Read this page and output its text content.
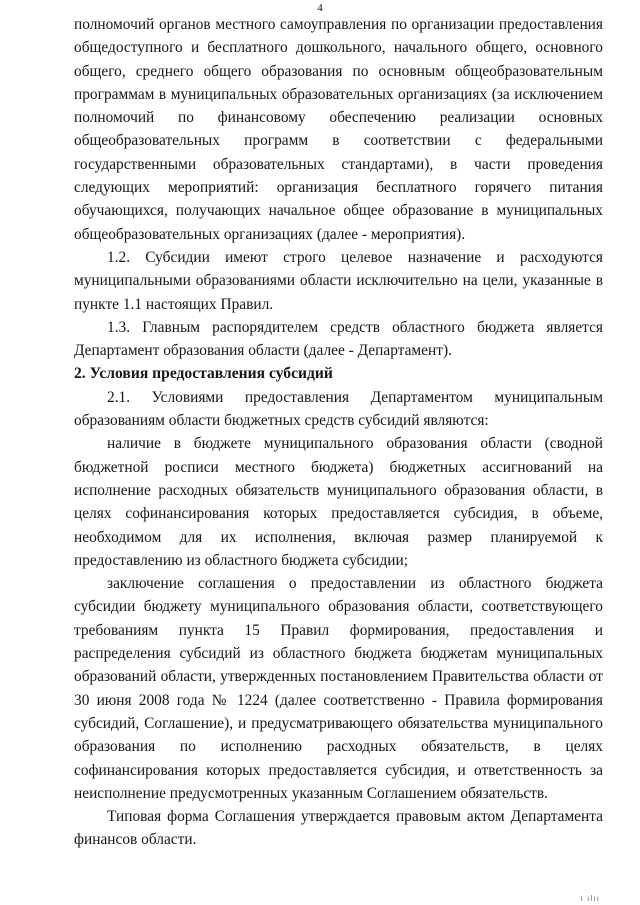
4

полномочий органов местного самоуправления по организации предоставления общедоступного и бесплатного дошкольного, начального общего, основного общего, среднего общего образования по основным общеобразовательным программам в муниципальных образовательных организациях (за исключением полномочий по финансовому обеспечению реализации основных общеобразовательных программ в соответствии с федеральными государственными образовательных стандартами), в части проведения следующих мероприятий: организация бесплатного горячего питания обучающихся, получающих начальное общее образование в муниципальных общеобразовательных организациях (далее - мероприятия).

1.2. Субсидии имеют строго целевое назначение и расходуются муниципальными образованиями области исключительно на цели, указанные в пункте 1.1 настоящих Правил.

1.3. Главным распорядителем средств областного бюджета является Департамент образования области (далее - Департамент).

2. Условия предоставления субсидий

2.1. Условиями предоставления Департаментом муниципальным образованиям области бюджетных средств субсидий являются:

наличие в бюджете муниципального образования области (сводной бюджетной росписи местного бюджета) бюджетных ассигнований на исполнение расходных обязательств муниципального образования области, в целях софинансирования которых предоставляется субсидия, в объеме, необходимом для их исполнения, включая размер планируемой к предоставлению из областного бюджета субсидии;

заключение соглашения о предоставлении из областного бюджета субсидии бюджету муниципального образования области, соответствующего требованиям пункта 15 Правил формирования, предоставления и распределения субсидий из областного бюджета бюджетам муниципальных образований области, утвержденных постановлением Правительства области от 30 июня 2008 года № 1224 (далее соответственно - Правила формирования субсидий, Соглашение), и предусматривающего обязательства муниципального образования по исполнению расходных обязательств, в целях софинансирования которых предоставляется субсидия, и ответственность за неисполнение предусмотренных указанным Соглашением обязательств.

Типовая форма Соглашения утверждается правовым актом Департамента финансов области.

ı ılıı
